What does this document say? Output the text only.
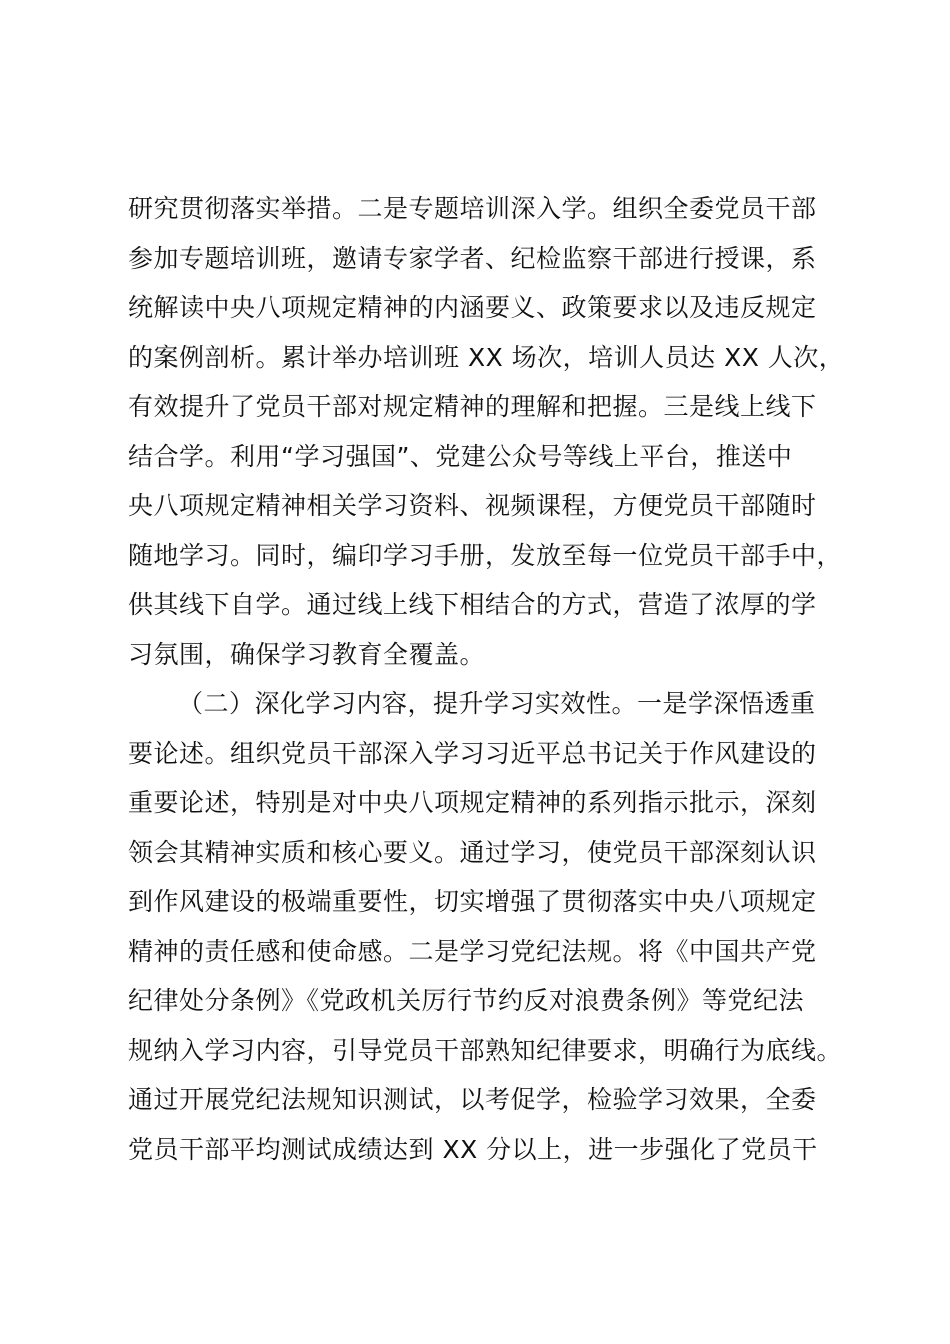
研究贯彻落实举措。二是专题培训深入学。组织全委党员干部
参加专题培训班，邀请专家学者、纪检监察干部进行授课，系
统解读中央八项规定精神的内涵要义、政策要求以及违反规定
的案例剖析。累计举办培训班 XX 场次，培训人员达 XX 人次，
有效提升了党员干部对规定精神的理解和把握。三是线上线下
结合学。利用“学习强国”、党建公众号等线上平台，推送中
央八项规定精神相关学习资料、视频课程，方便党员干部随时
随地学习。同时，编印学习手册，发放至每一位党员干部手中，
供其线下自学。通过线上线下相结合的方式，营造了浓厚的学
习氛围，确保学习教育全覆盖。
（二）深化学习内容，提升学习实效性。一是学深悟透重
要论述。组织党员干部深入学习习近平总书记关于作风建设的
重要论述，特别是对中央八项规定精神的系列指示批示，深刻
领会其精神实质和核心要义。通过学习，使党员干部深刻认识
到作风建设的极端重要性，切实增强了贯彻落实中央八项规定
精神的责任感和使命感。二是学习党纪法规。将《中国共产党
纪律处分条例》《党政机关厉行节约反对浪费条例》等党纪法
规纳入学习内容，引导党员干部熟知纪律要求，明确行为底线。
通过开展党纪法规知识测试，以考促学，检验学习效果，全委
党员干部平均测试成绩达到 XX 分以上，进一步强化了党员干
